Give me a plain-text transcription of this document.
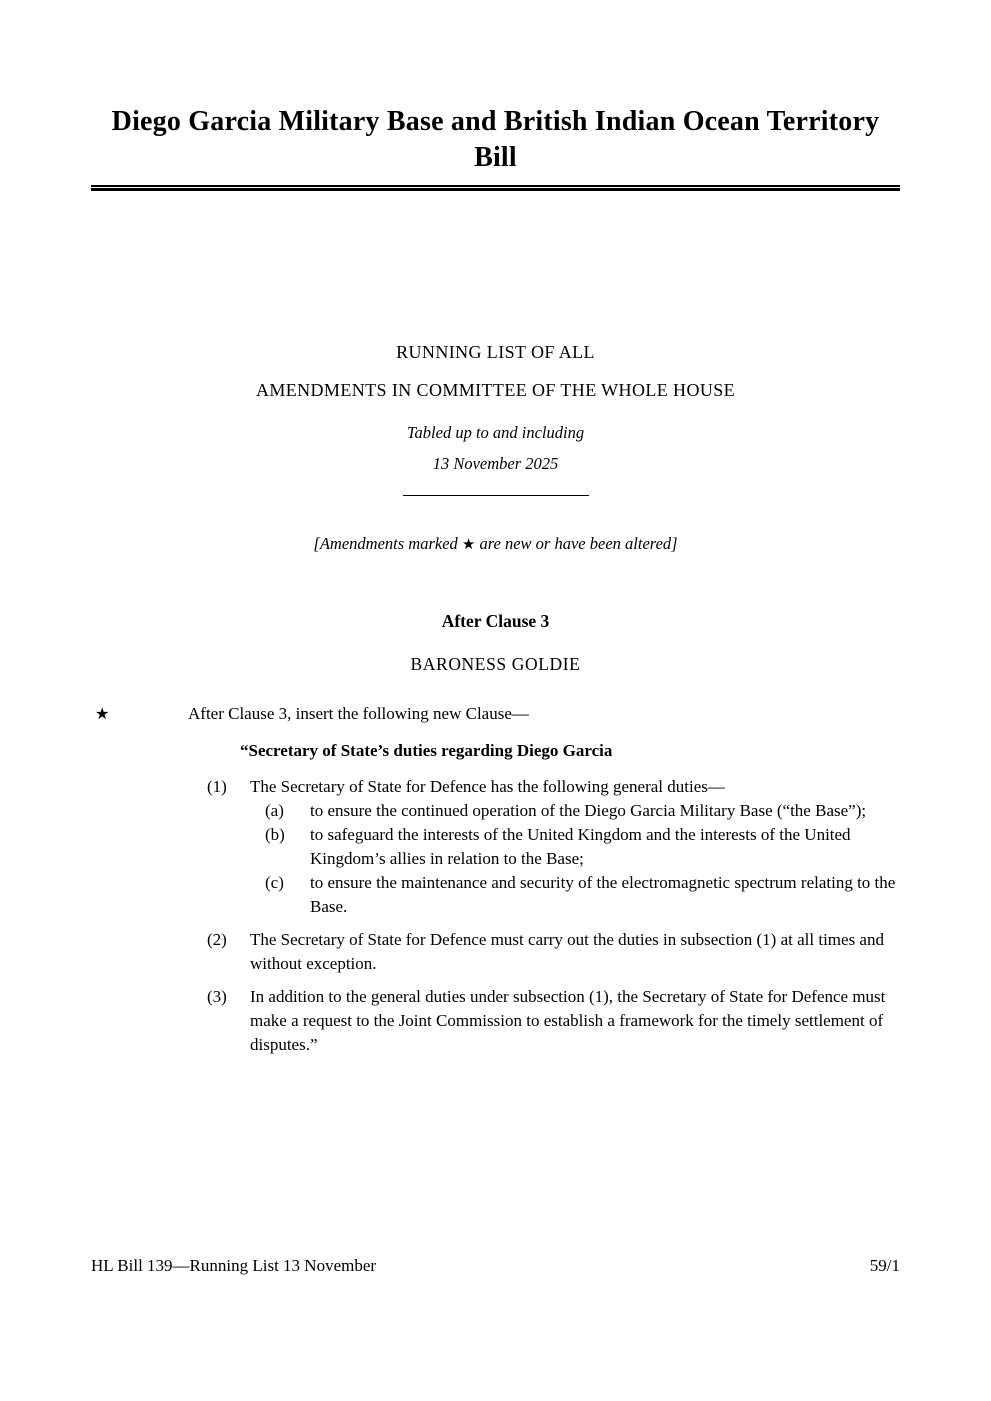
Diego Garcia Military Base and British Indian Ocean Territory Bill
RUNNING LIST OF ALL
AMENDMENTS IN COMMITTEE OF THE WHOLE HOUSE
Tabled up to and including
13 November 2025
[Amendments marked ★ are new or have been altered]
After Clause 3
BARONESS GOLDIE
★	After Clause 3, insert the following new Clause—

“Secretary of State’s duties regarding Diego Garcia

(1)	The Secretary of State for Defence has the following general duties—
(a)	to ensure the continued operation of the Diego Garcia Military Base (“the Base”);
(b)	to safeguard the interests of the United Kingdom and the interests of the United Kingdom’s allies in relation to the Base;
(c)	to ensure the maintenance and security of the electromagnetic spectrum relating to the Base.
(2)	The Secretary of State for Defence must carry out the duties in subsection (1) at all times and without exception.
(3)	In addition to the general duties under subsection (1), the Secretary of State for Defence must make a request to the Joint Commission to establish a framework for the timely settlement of disputes.”
HL Bill 139—Running List 13 November	59/1
